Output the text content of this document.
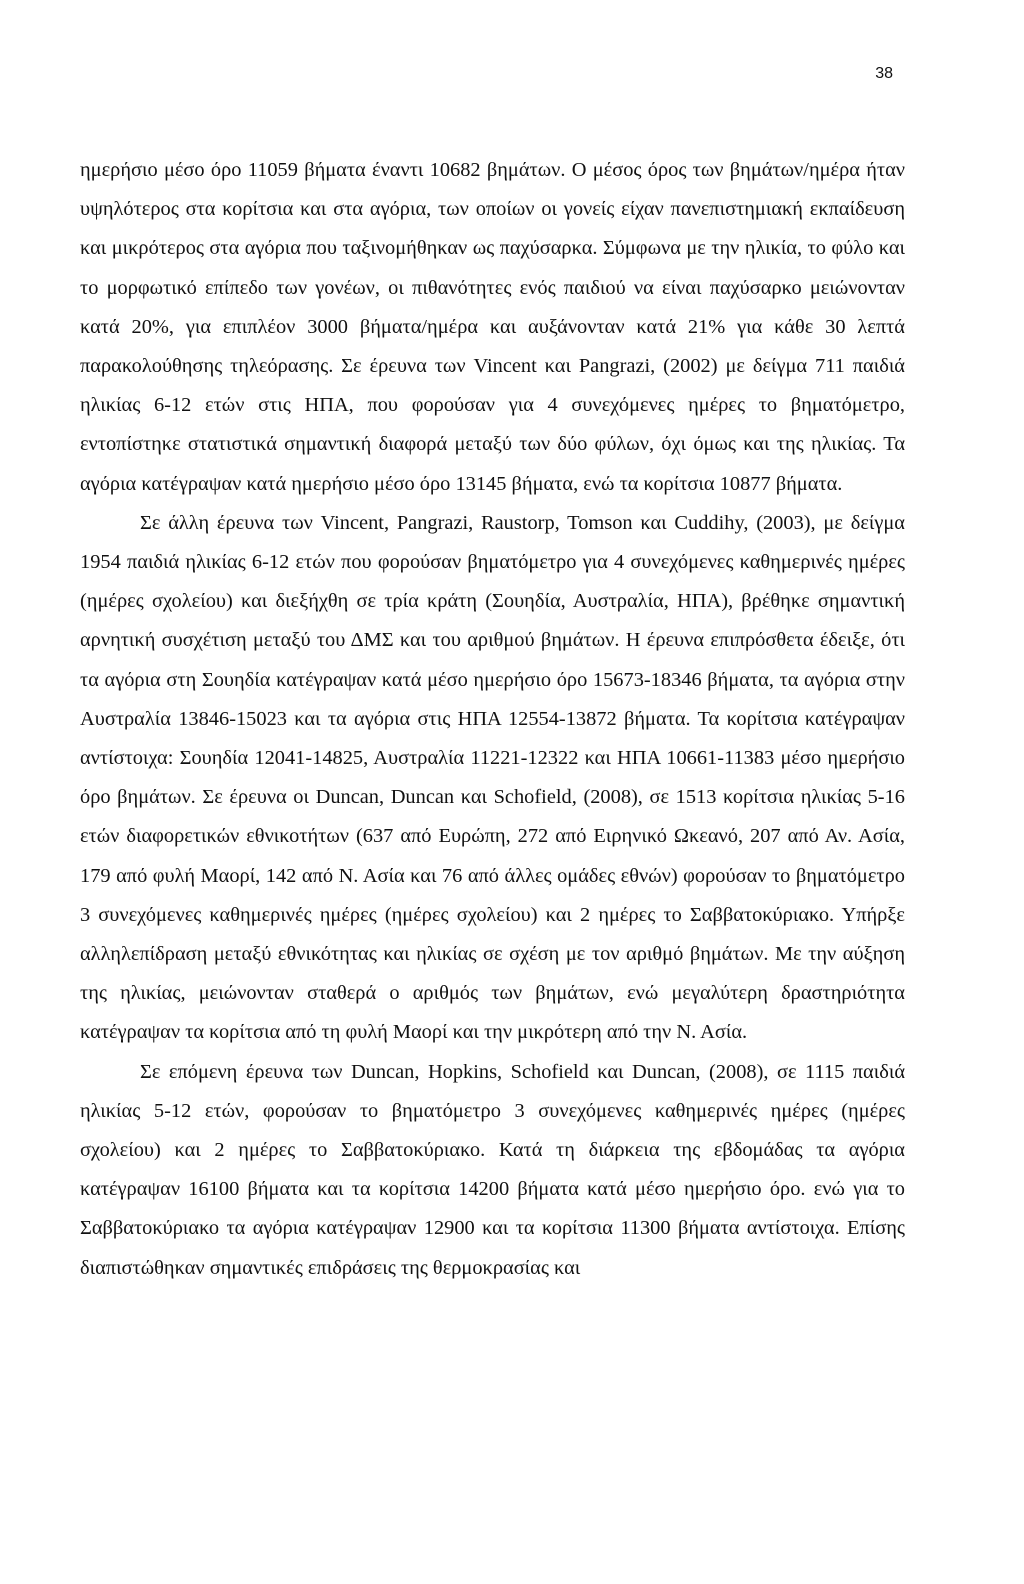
38

ημερήσιο μέσο όρο 11059 βήματα έναντι 10682 βημάτων. Ο μέσος όρος των βημάτων/ημέρα ήταν υψηλότερος στα κορίτσια και στα αγόρια, των οποίων οι γονείς είχαν πανεπιστημιακή εκπαίδευση και μικρότερος στα αγόρια που ταξινομήθηκαν ως παχύσαρκα. Σύμφωνα με την ηλικία, το φύλο και το μορφωτικό επίπεδο των γονέων, οι πιθανότητες ενός παιδιού να είναι παχύσαρκο μειώνονταν κατά 20%, για επιπλέον 3000 βήματα/ημέρα και αυξάνονταν κατά 21% για κάθε 30 λεπτά παρακολούθησης τηλεόρασης. Σε έρευνα των Vincent και Pangrazi, (2002) με δείγμα 711 παιδιά ηλικίας 6-12 ετών στις ΗΠΑ, που φορούσαν για 4 συνεχόμενες ημέρες το βηματόμετρο, εντοπίστηκε στατιστικά σημαντική διαφορά μεταξύ των δύο φύλων, όχι όμως και της ηλικίας. Τα αγόρια κατέγραψαν κατά ημερήσιο μέσο όρο 13145 βήματα, ενώ τα κορίτσια 10877 βήματα.

Σε άλλη έρευνα των Vincent, Pangrazi, Raustorp, Tomson και Cuddihy, (2003), με δείγμα 1954 παιδιά ηλικίας 6-12 ετών που φορούσαν βηματόμετρο για 4 συνεχόμενες καθημερινές ημέρες (ημέρες σχολείου) και διεξήχθη σε τρία κράτη (Σουηδία, Αυστραλία, ΗΠΑ), βρέθηκε σημαντική αρνητική συσχέτιση μεταξύ του ΔΜΣ και του αριθμού βημάτων. Η έρευνα επιπρόσθετα έδειξε, ότι τα αγόρια στη Σουηδία κατέγραψαν κατά μέσο ημερήσιο όρο 15673-18346 βήματα, τα αγόρια στην Αυστραλία 13846-15023 και τα αγόρια στις ΗΠΑ 12554-13872 βήματα. Τα κορίτσια κατέγραψαν αντίστοιχα: Σουηδία 12041-14825, Αυστραλία 11221-12322 και ΗΠΑ 10661-11383 μέσο ημερήσιο όρο βημάτων. Σε έρευνα οι Duncan, Duncan και Schofield, (2008), σε 1513 κορίτσια ηλικίας 5-16 ετών διαφορετικών εθνικοτήτων (637 από Ευρώπη, 272 από Ειρηνικό Ωκεανό, 207 από Αν. Ασία, 179 από φυλή Μαορί, 142 από Ν. Ασία και 76 από άλλες ομάδες εθνών) φορούσαν το βηματόμετρο 3 συνεχόμενες καθημερινές ημέρες (ημέρες σχολείου) και 2 ημέρες το Σαββατοκύριακο. Υπήρξε αλληλεπίδραση μεταξύ εθνικότητας και ηλικίας σε σχέση με τον αριθμό βημάτων. Με την αύξηση της ηλικίας, μειώνονταν σταθερά ο αριθμός των βημάτων, ενώ μεγαλύτερη δραστηριότητα κατέγραψαν τα κορίτσια από τη φυλή Μαορί και την μικρότερη από την Ν. Ασία.

Σε επόμενη έρευνα των Duncan, Hopkins, Schofield και Duncan, (2008), σε 1115 παιδιά ηλικίας 5-12 ετών, φορούσαν το βηματόμετρο 3 συνεχόμενες καθημερινές ημέρες (ημέρες σχολείου) και 2 ημέρες το Σαββατοκύριακο. Κατά τη διάρκεια της εβδομάδας τα αγόρια κατέγραψαν 16100 βήματα και τα κορίτσια 14200 βήματα κατά μέσο ημερήσιο όρο. ενώ για το Σαββατοκύριακο τα αγόρια κατέγραψαν 12900 και τα κορίτσια 11300 βήματα αντίστοιχα. Επίσης διαπιστώθηκαν σημαντικές επιδράσεις της θερμοκρασίας και
